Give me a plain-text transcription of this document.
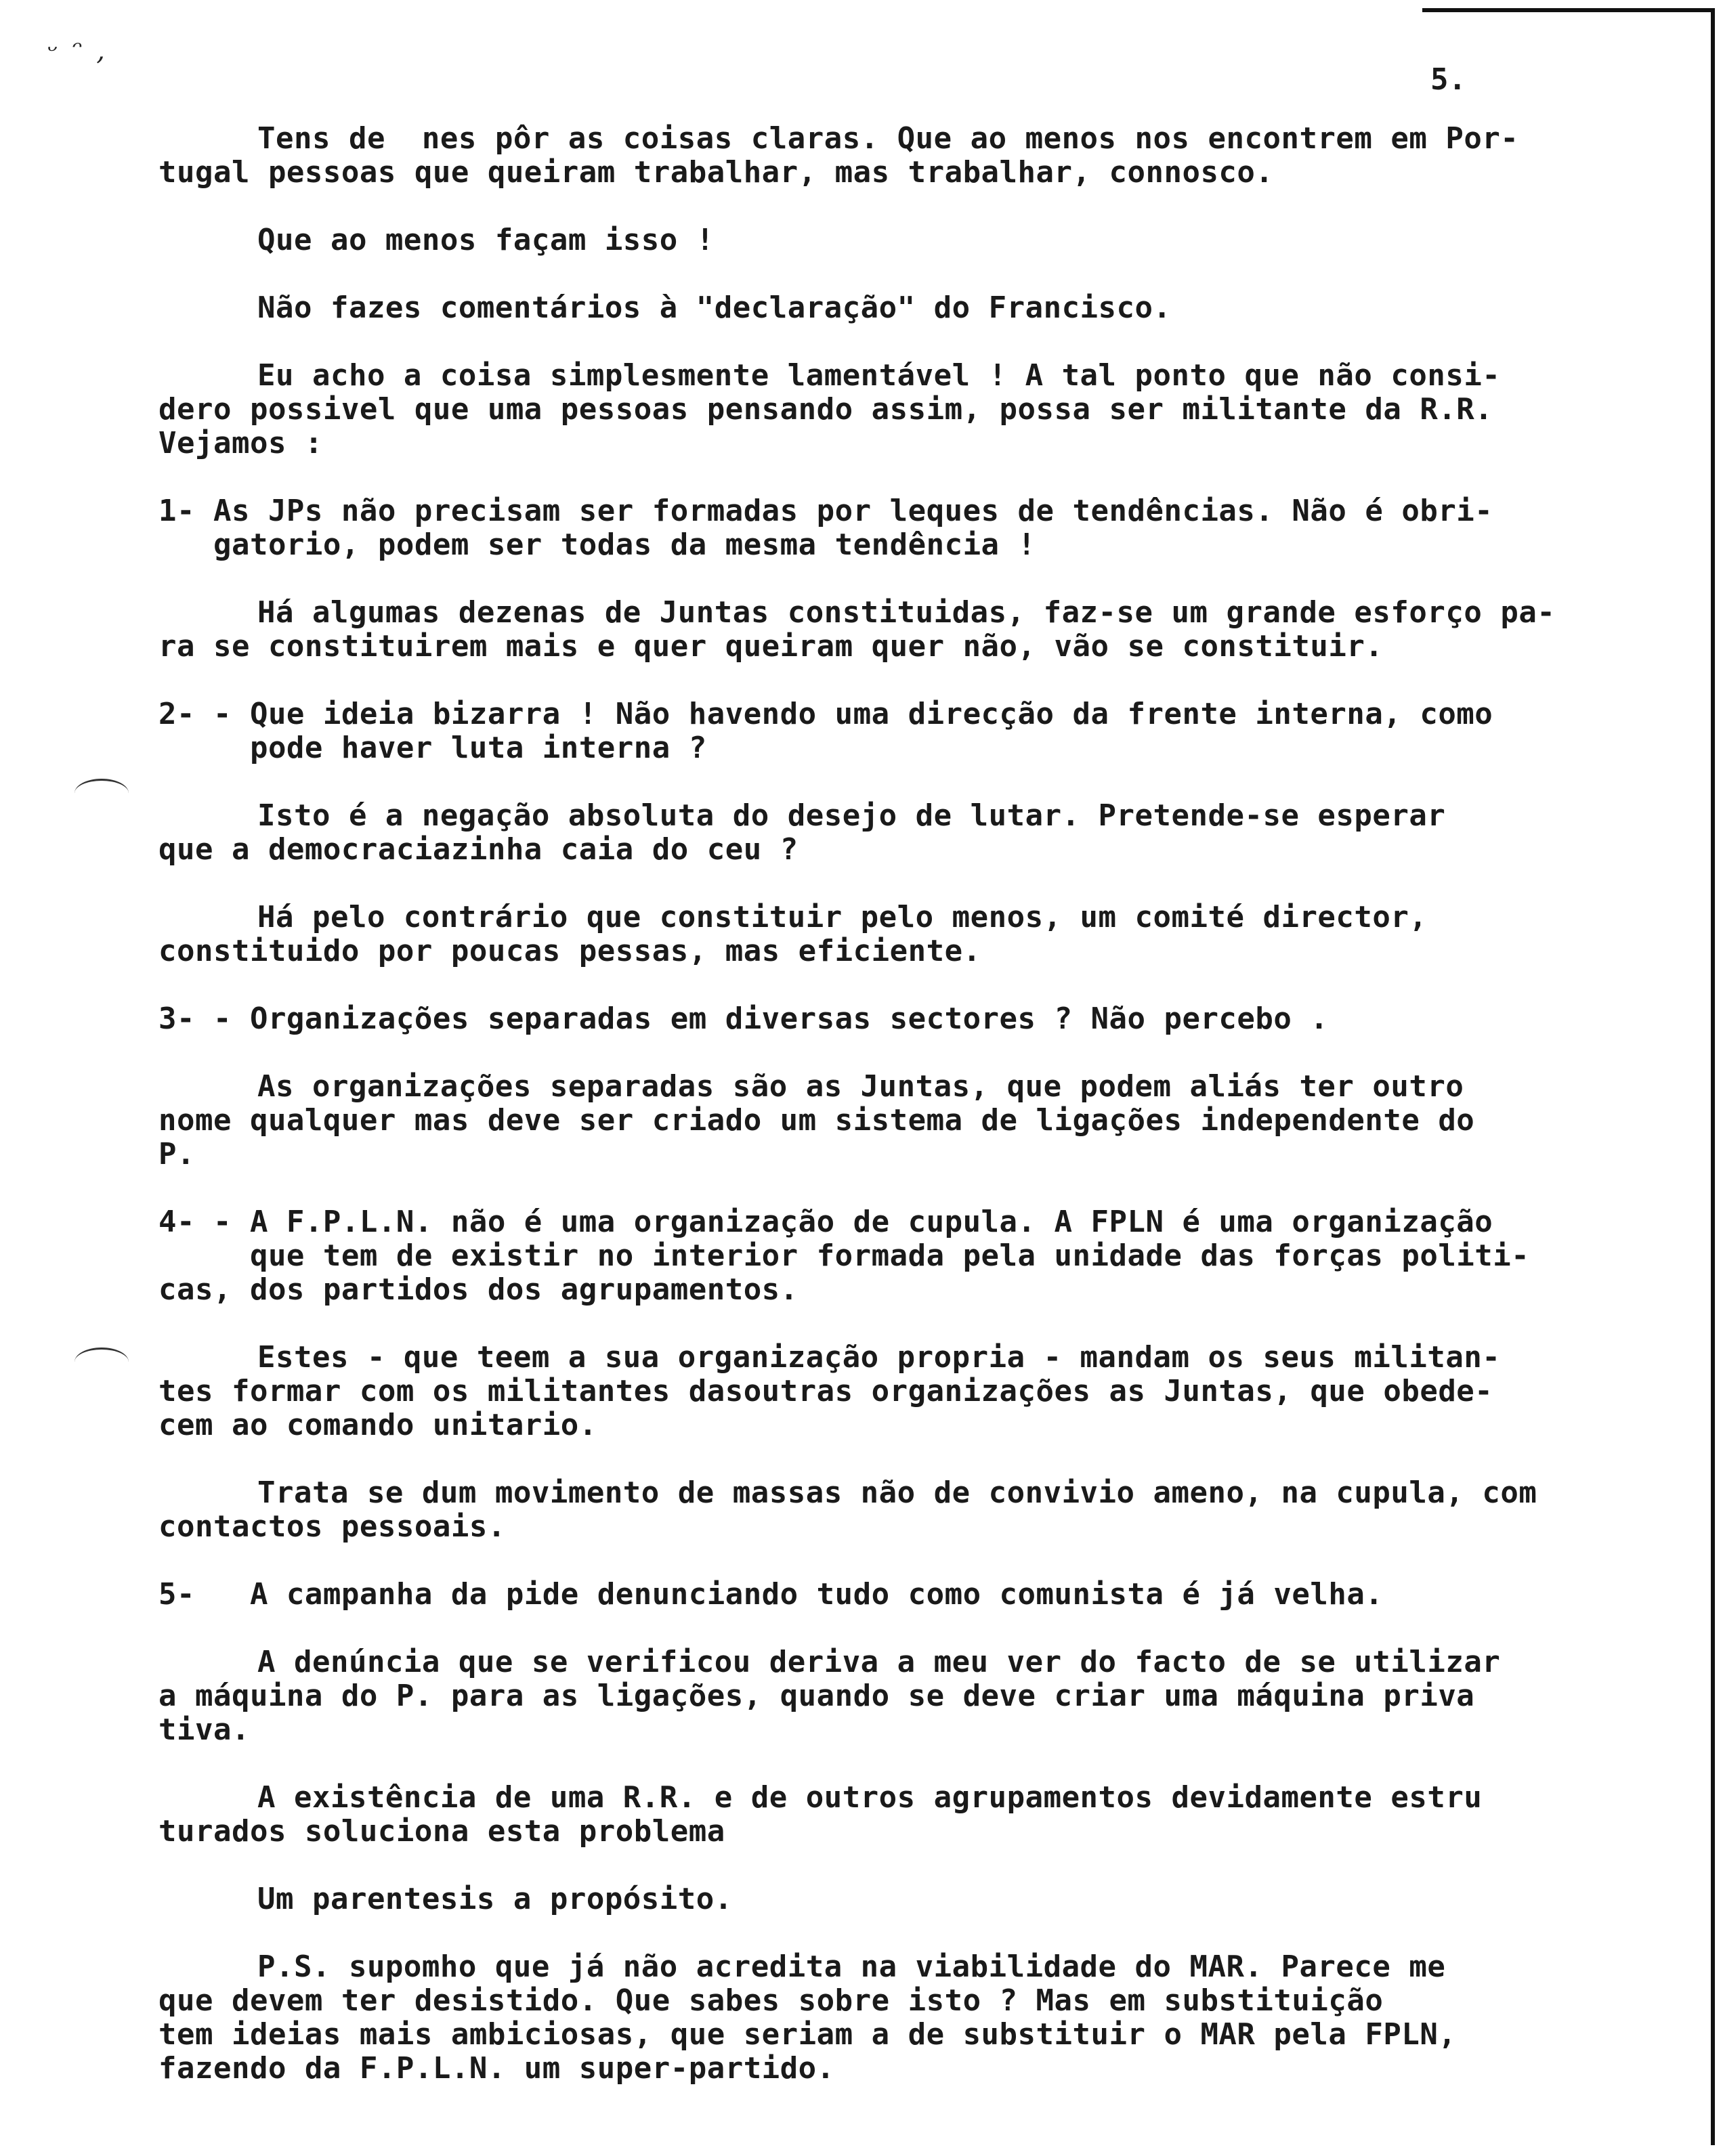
ᵕ ᵔ ,
5.
Tens de  nes pôr as coisas claras. Que ao menos nos encontrem em Por-
tugal pessoas que queiram trabalhar, mas trabalhar, connosco.
Que ao menos façam isso !
Não fazes comentários à "declaração" do Francisco.
Eu acho a coisa simplesmente lamentável ! A tal ponto que não consi-
dero possivel que uma pessoas pensando assim, possa ser militante da R.R.
Vejamos :
1- As JPs não precisam ser formadas por leques de tendências. Não é obri-
gatorio, podem ser todas da mesma tendência !
Há algumas dezenas de Juntas constituidas, faz-se um grande esforço pa-
ra se constituirem mais e quer queiram quer não, vão se constituir.
2- - Que ideia bizarra ! Não havendo uma direcção da frente interna, como
pode haver luta interna ?
Isto é a negação absoluta do desejo de lutar. Pretende-se esperar
que a democraciazinha caia do ceu ?
Há pelo contrário que constituir pelo menos, um comité director,
constituido por poucas pessas, mas eficiente.
3- - Organizações separadas em diversas sectores ? Não percebo .
As organizações separadas são as Juntas, que podem aliás ter outro
nome qualquer mas deve ser criado um sistema de ligações independente do
P.
4- - A F.P.L.N. não é uma organização de cupula. A FPLN é uma organização
que tem de existir no interior formada pela unidade das forças politi-
cas, dos partidos dos agrupamentos.
Estes - que teem a sua organização propria - mandam os seus militan-
tes formar com os militantes dasoutras organizações as Juntas, que obede-
cem ao comando unitario.
Trata se dum movimento de massas não de convivio ameno, na cupula, com
contactos pessoais.
5-   A campanha da pide denunciando tudo como comunista é já velha.
A denúncia que se verificou deriva a meu ver do facto de se utilizar
a máquina do P. para as ligações, quando se deve criar uma máquina priva
tiva.
A existência de uma R.R. e de outros agrupamentos devidamente estru
turados soluciona esta problema
Um parentesis a propósito.
P.S. supomho que já não acredita na viabilidade do MAR. Parece me
que devem ter desistido. Que sabes sobre isto ? Mas em substituição
tem ideias mais ambiciosas, que seriam a de substituir o MAR pela FPLN,
fazendo da F.P.L.N. um super-partido.
